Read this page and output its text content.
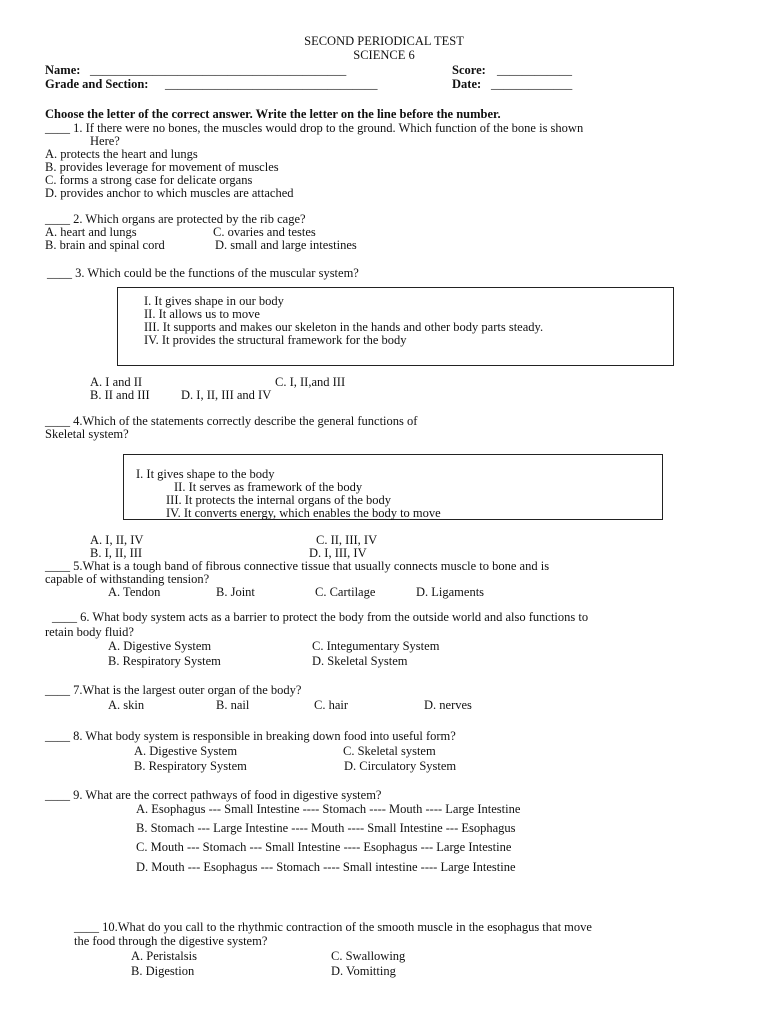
SECOND PERIODICAL TEST
SCIENCE 6
Name: _________________________________________	Score: ____________
Grade and Section: __________________________________	Date: _____________
Choose the letter of the correct answer. Write the letter on the line before the number.
____ 1. If there were no bones, the muscles would drop to the ground. Which function of the bone is shown
Here?
A. protects the heart and lungs
B. provides leverage for movement of muscles
C. forms a strong case for delicate organs
D. provides anchor to which muscles are attached
____ 2. Which organs are protected by the rib cage?
A. heart and lungs	C. ovaries and testes
B. brain and spinal cord	D. small and large intestines
____ 3. Which could be the functions of the muscular system?
I. It gives shape in our body
II. It allows us to move
III. It supports and makes our skeleton in the hands and other body parts steady.
IV. It provides the structural framework for the body
A. I and II	C. I, II,and III
B. II and III	D. I, II, III and IV
____ 4.Which of the statements correctly describe the general functions of
Skeletal system?
I. It gives shape to the body
II. It serves as framework of the body
III. It protects the internal organs of the body
IV. It converts energy, which enables the body to move
A. I, II, IV	C. II, III, IV
B. I, II, III	D. I, III, IV
____ 5.What is a tough band of fibrous connective tissue that usually connects muscle to bone and is
capable of withstanding tension?
A. Tendon	B. Joint	C. Cartilage	D. Ligaments
____ 6. What body system acts as a barrier to protect the body from the outside world and also functions to
retain body fluid?
A. Digestive System	C. Integumentary System
B. Respiratory System	D. Skeletal System
____ 7.What is the largest outer organ of the body?
A. skin	B. nail	C. hair	D. nerves
____ 8. What body system is responsible in breaking down food into useful form?
A. Digestive System	C. Skeletal system
B. Respiratory System	D. Circulatory System
____ 9. What are the correct pathways of food in digestive system?
A. Esophagus --- Small Intestine ---- Stomach ---- Mouth ---- Large Intestine
B. Stomach --- Large Intestine ---- Mouth ---- Small Intestine --- Esophagus
C. Mouth --- Stomach --- Small Intestine ---- Esophagus --- Large Intestine
D. Mouth --- Esophagus --- Stomach ---- Small intestine ---- Large Intestine
____ 10.What do you call to the rhythmic contraction of the smooth muscle in the esophagus that move
the food through the digestive system?
A. Peristalsis	C. Swallowing
B. Digestion	D. Vomitting
